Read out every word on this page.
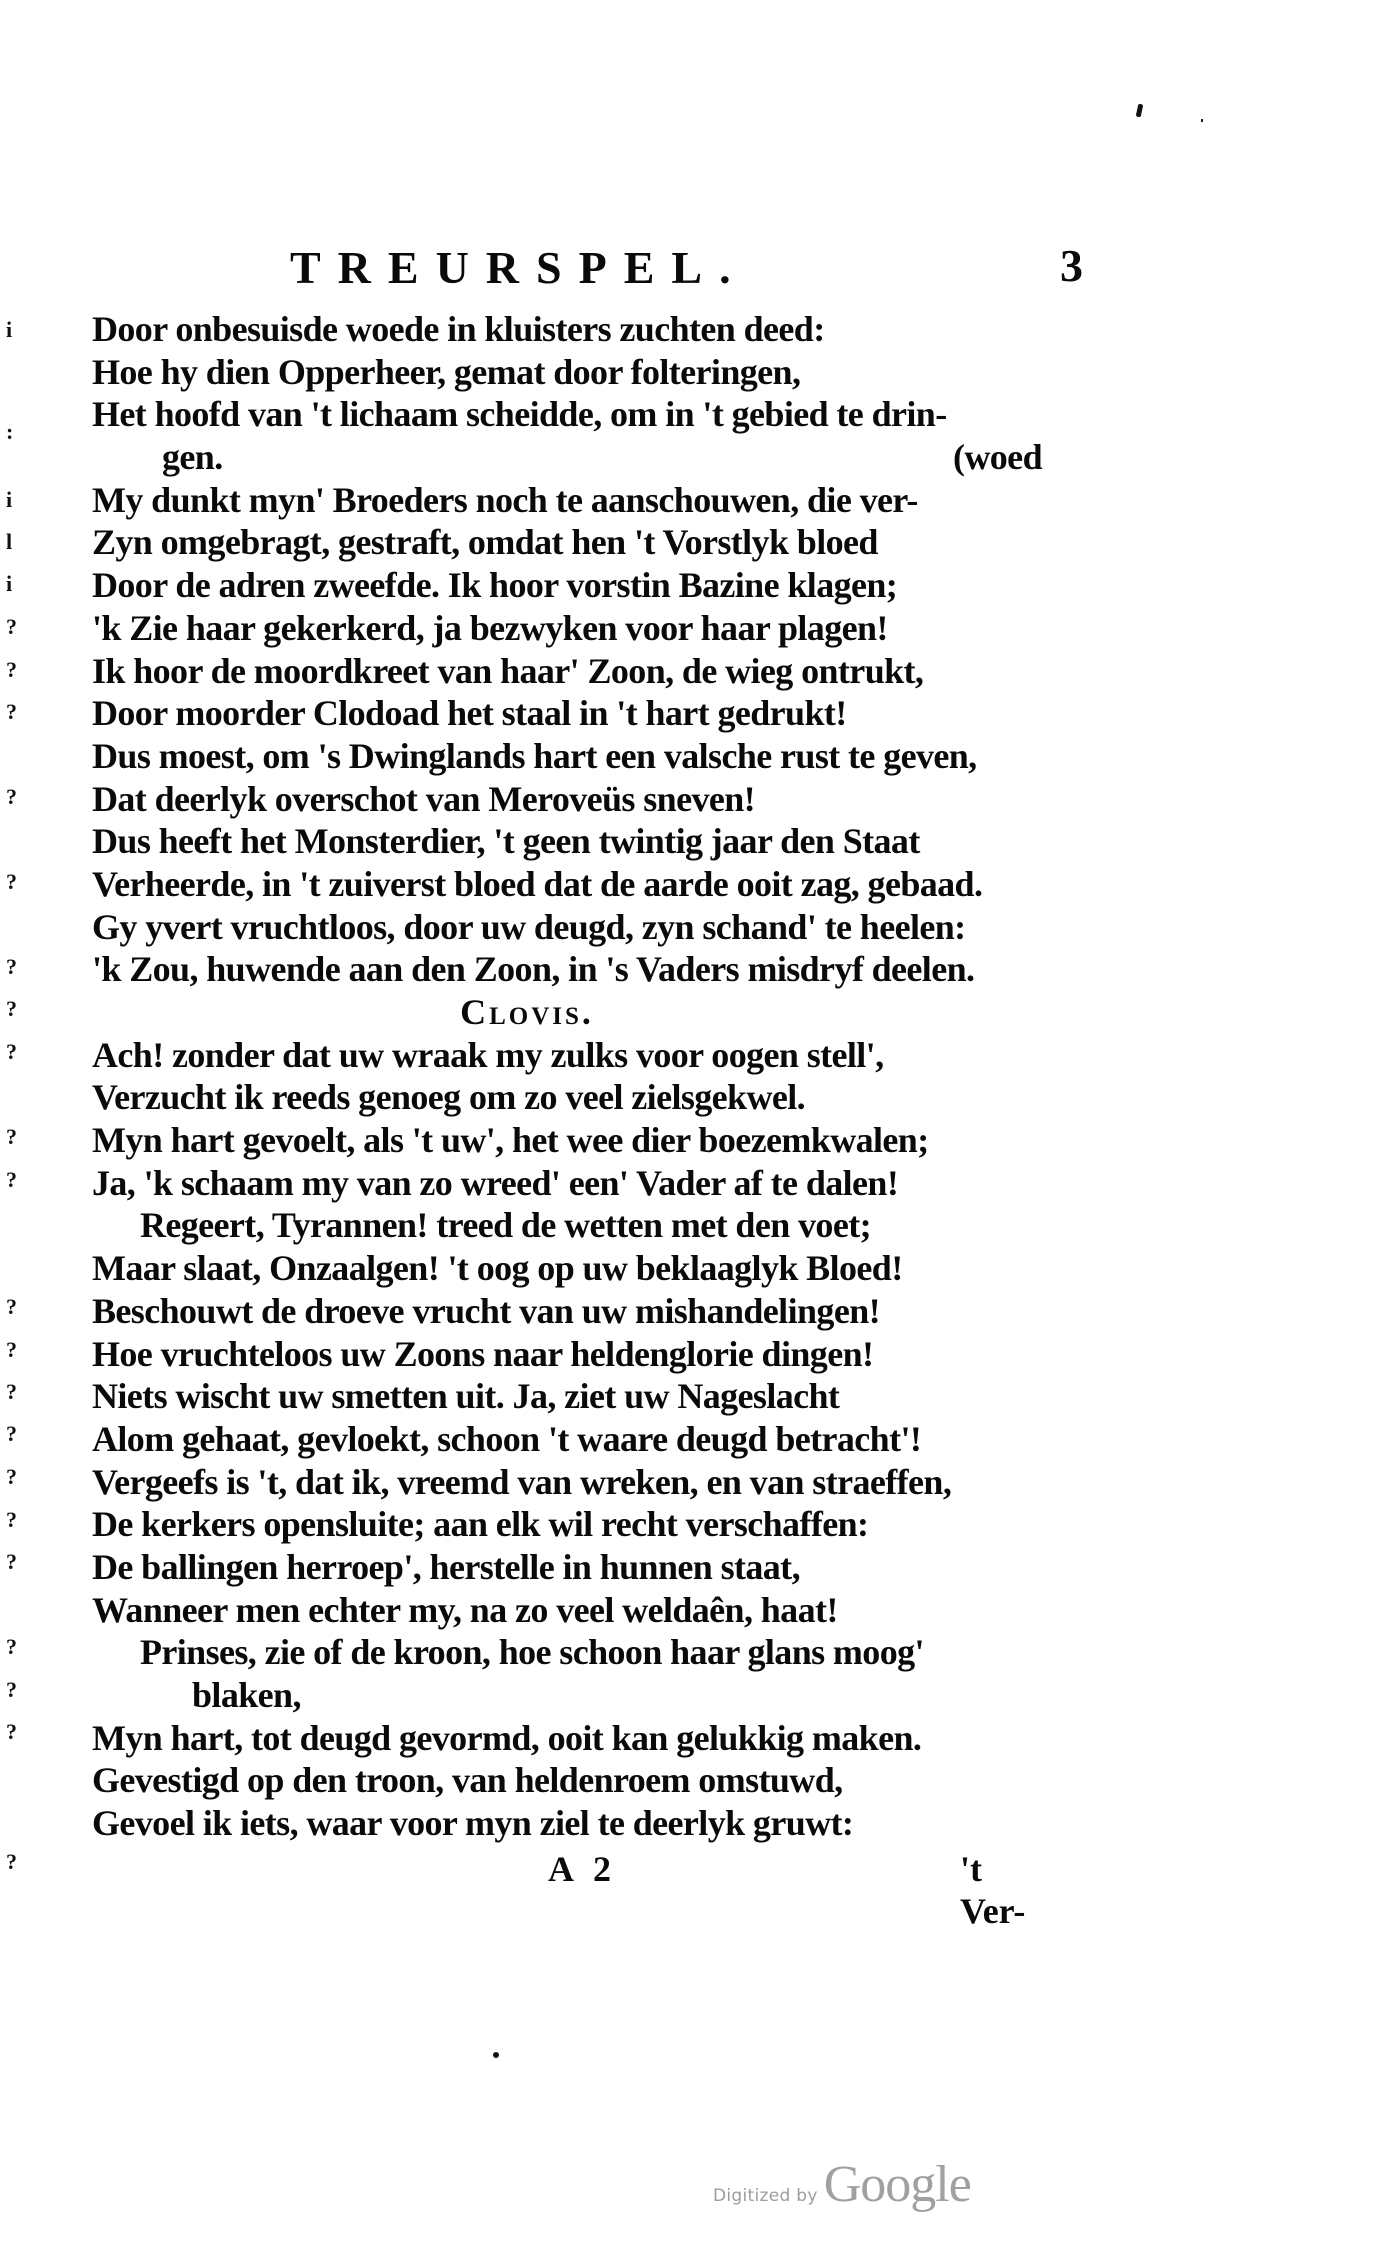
TREURSPEL.	3
Door onbesuisde woede in kluisters zuchten deed:
Hoe hy dien Opperheer, gemat door folteringen,
Het hoofd van 't lichaam scheidde, om in 't gebied te drin-
gen.	(woed
My dunkt myn' Broeders noch te aanschouwen, die ver-
Zyn omgebragt, gestraft, omdat hen 't Vorstlyk bloed
Door de adren zweefde. Ik hoor vorstin Bazine klagen;
'k Zie haar gekerkerd, ja bezwyken voor haar plagen!
Ik hoor de moordkreet van haar' Zoon, de wieg ontrukt,
Door moorder Clodoad het staal in 't hart gedrukt!
Dus moest, om 's Dwinglands hart een valsche rust te geven,
Dat deerlyk overschot van Meroveüs sneven!
Dus heeft het Monsterdier, 't geen twintig jaar den Staat
Verheerde, in 't zuiverst bloed dat de aarde ooit zag, gebaad.
Gy yvert vruchtloos, door uw deugd, zyn schand' te heelen:
'k Zou, huwende aan den Zoon, in 's Vaders misdryf deelen.
Clovis.
Ach! zonder dat uw wraak my zulks voor oogen stell',
Verzucht ik reeds genoeg om zo veel zielsgekwel.
Myn hart gevoelt, als 't uw', het wee dier boezemkwalen;
Ja, 'k schaam my van zo wreed' een' Vader af te dalen!
Regeert, Tyrannen! treed de wetten met den voet;
Maar slaat, Onzaalgen! 't oog op uw beklaaglyk Bloed!
Beschouwt de droeve vrucht van uw mishandelingen!
Hoe vruchteloos uw Zoons naar heldenglorie dingen!
Niets wischt uw smetten uit. Ja, ziet uw Nageslacht
Alom gehaat, gevloekt, schoon 't waare deugd betracht'!
Vergeefs is 't, dat ik, vreemd van wreken, en van straeffen,
De kerkers opensluite; aan elk wil recht verschaffen:
De ballingen herroep', herstelle in hunnen staat,
Wanneer men echter my, na zo veel weldaên, haat!
Prinses, zie of de kroon, hoe schoon haar glans moog'
blaken,
Myn hart, tot deugd gevormd, ooit kan gelukkig maken.
Gevestigd op den troon, van heldenroem omstuwd,
Gevoel ik iets, waar voor myn ziel te deerlyk gruwt:
A 2	't Ver-
i
:
i
l
i
?
?
?
?
?
?
?
?
?
?
?
?
?
?
?
?
?
?
?
?
?
Digitized by Google
